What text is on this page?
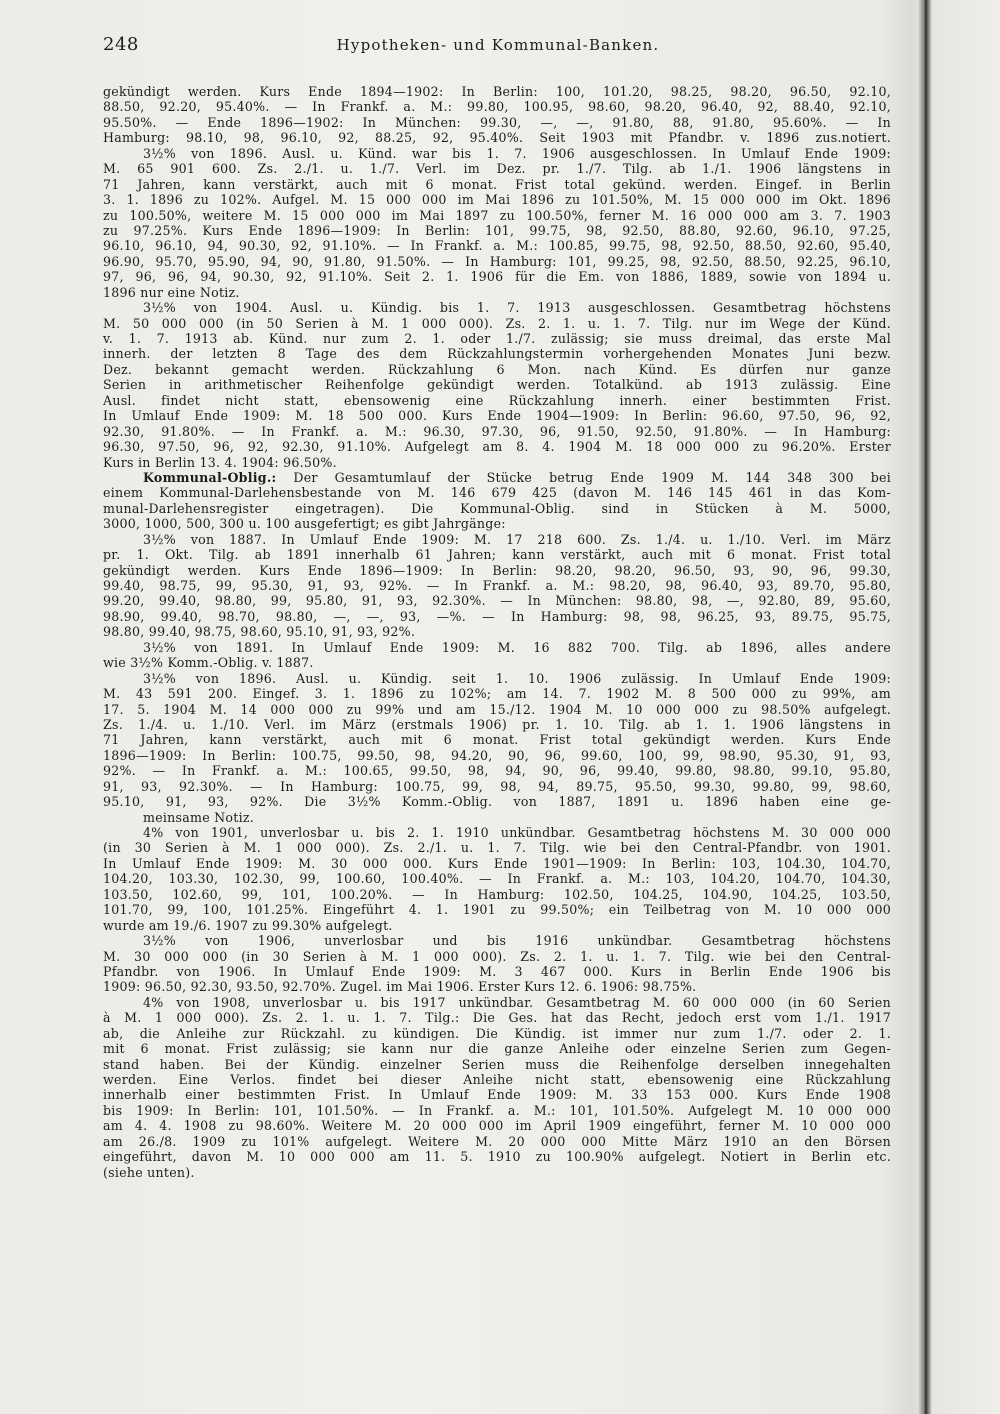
248	Hypotheken- und Kommunal-Banken.
gekündigt werden. Kurs Ende 1894—1902: In Berlin: 100, 101.20, 98.25, 98.20, 96.50, 92.10,
88.50, 92.20, 95.40%. — In Frankf. a. M.: 99.80, 100.95, 98.60, 98.20, 96.40, 92, 88.40, 92.10,
95.50%. — Ende 1896—1902: In München: 99.30, —, —, 91.80, 88, 91.80, 95.60%. — In
Hamburg: 98.10, 98, 96.10, 92, 88.25, 92, 95.40%. Seit 1903 mit Pfandbr. v. 1896 zus.notiert.
3½% von 1896. Ausl. u. Künd. war bis 1. 7. 1906 ausgeschlossen. In Umlauf Ende 1909:
M. 65 901 600. Zs. 2./1. u. 1./7. Verl. im Dez. pr. 1./7. Tilg. ab 1./1. 1906 längstens in
71 Jahren, kann verstärkt, auch mit 6 monat. Frist total gekünd. werden. Eingef. in Berlin
3. 1. 1896 zu 102%. Aufgel. M. 15 000 000 im Mai 1896 zu 101.50%, M. 15 000 000 im Okt. 1896
zu 100.50%, weitere M. 15 000 000 im Mai 1897 zu 100.50%, ferner M. 16 000 000 am 3. 7. 1903
zu 97.25%. Kurs Ende 1896—1909: In Berlin: 101, 99.75, 98, 92.50, 88.80, 92.60, 96.10, 97.25,
96.10, 96.10, 94, 90.30, 92, 91.10%. — In Frankf. a. M.: 100.85, 99.75, 98, 92.50, 88.50, 92.60, 95.40,
96.90, 95.70, 95.90, 94, 90, 91.80, 91.50%. — In Hamburg: 101, 99.25, 98, 92.50, 88.50, 92.25, 96.10,
97, 96, 96, 94, 90.30, 92, 91.10%. Seit 2. 1. 1906 für die Em. von 1886, 1889, sowie von 1894 u.
1896 nur eine Notiz.
3½% von 1904. Ausl. u. Kündig. bis 1. 7. 1913 ausgeschlossen. Gesamtbetrag höchstens
M. 50 000 000 (in 50 Serien à M. 1 000 000). Zs. 2. 1. u. 1. 7. Tilg. nur im Wege der Künd.
v. 1. 7. 1913 ab. Künd. nur zum 2. 1. oder 1./7. zulässig; sie muss dreimal, das erste Mal
innerh. der letzten 8 Tage des dem Rückzahlungstermin vorhergehenden Monates Juni bezw.
Dez. bekannt gemacht werden. Rückzahlung 6 Mon. nach Künd. Es dürfen nur ganze
Serien in arithmetischer Reihenfolge gekündigt werden. Totalkünd. ab 1913 zulässig. Eine
Ausl. findet nicht statt, ebensowenig eine Rückzahlung innerh. einer bestimmten Frist.
In Umlauf Ende 1909: M. 18 500 000. Kurs Ende 1904—1909: In Berlin: 96.60, 97.50, 96, 92,
92.30, 91.80%. — In Frankf. a. M.: 96.30, 97.30, 96, 91.50, 92.50, 91.80%. — In Hamburg:
96.30, 97.50, 96, 92, 92.30, 91.10%. Aufgelegt am 8. 4. 1904 M. 18 000 000 zu 96.20%. Erster
Kurs in Berlin 13. 4. 1904: 96.50%.
Kommunal-Oblig.: Der Gesamtumlauf der Stücke betrug Ende 1909 M. 144 348 300 bei
einem Kommunal-Darlehensbestande von M. 146 679 425 (davon M. 146 145 461 in das Kom-
munal-Darlehensregister eingetragen). Die Kommunal-Oblig. sind in Stücken à M. 5000,
3000, 1000, 500, 300 u. 100 ausgefertigt; es gibt Jahrgänge:
3½% von 1887. In Umlauf Ende 1909: M. 17 218 600. Zs. 1./4. u. 1./10. Verl. im März
pr. 1. Okt. Tilg. ab 1891 innerhalb 61 Jahren; kann verstärkt, auch mit 6 monat. Frist total
gekündigt werden. Kurs Ende 1896—1909: In Berlin: 98.20, 98.20, 96.50, 93, 90, 96, 99.30,
99.40, 98.75, 99, 95.30, 91, 93, 92%. — In Frankf. a. M.: 98.20, 98, 96.40, 93, 89.70, 95.80,
99.20, 99.40, 98.80, 99, 95.80, 91, 93, 92.30%. — In München: 98.80, 98, —, 92.80, 89, 95.60,
98.90, 99.40, 98.70, 98.80, —, —, 93, —%. — In Hamburg: 98, 98, 96.25, 93, 89.75, 95.75,
98.80, 99.40, 98.75, 98.60, 95.10, 91, 93, 92%.
3½% von 1891. In Umlauf Ende 1909: M. 16 882 700. Tilg. ab 1896, alles andere
wie 3½% Komm.-Oblig. v. 1887.
3½% von 1896. Ausl. u. Kündig. seit 1. 10. 1906 zulässig. In Umlauf Ende 1909:
M. 43 591 200. Eingef. 3. 1. 1896 zu 102%; am 14. 7. 1902 M. 8 500 000 zu 99%, am
17. 5. 1904 M. 14 000 000 zu 99% und am 15./12. 1904 M. 10 000 000 zu 98.50% aufgelegt.
Zs. 1./4. u. 1./10. Verl. im März (erstmals 1906) pr. 1. 10. Tilg. ab 1. 1. 1906 längstens in
71 Jahren, kann verstärkt, auch mit 6 monat. Frist total gekündigt werden. Kurs Ende
1896—1909: In Berlin: 100.75, 99.50, 98, 94.20, 90, 96, 99.60, 100, 99, 98.90, 95.30, 91, 93,
92%. — In Frankf. a. M.: 100.65, 99.50, 98, 94, 90, 96, 99.40, 99.80, 98.80, 99.10, 95.80,
91, 93, 92.30%. — In Hamburg: 100.75, 99, 98, 94, 89.75, 95.50, 99.30, 99.80, 99, 98.60,
95.10, 91, 93, 92%. Die 3½% Komm.-Oblig. von 1887, 1891 u. 1896 haben eine ge-
meinsame Notiz.
4% von 1901, unverlosbar u. bis 2. 1. 1910 unkündbar. Gesamtbetrag höchstens M. 30 000 000
(in 30 Serien à M. 1 000 000). Zs. 2./1. u. 1. 7. Tilg. wie bei den Central-Pfandbr. von 1901.
In Umlauf Ende 1909: M. 30 000 000. Kurs Ende 1901—1909: In Berlin: 103, 104.30, 104.70,
104.20, 103.30, 102.30, 99, 100.60, 100.40%. — In Frankf. a. M.: 103, 104.20, 104.70, 104.30,
103.50, 102.60, 99, 101, 100.20%. — In Hamburg: 102.50, 104.25, 104.90, 104.25, 103.50,
101.70, 99, 100, 101.25%. Eingeführt 4. 1. 1901 zu 99.50%; ein Teilbetrag von M. 10 000 000
wurde am 19./6. 1907 zu 99.30% aufgelegt.
3½% von 1906, unverlosbar und bis 1916 unkündbar. Gesamtbetrag höchstens
M. 30 000 000 (in 30 Serien à M. 1 000 000). Zs. 2. 1. u. 1. 7. Tilg. wie bei den Central-
Pfandbr. von 1906. In Umlauf Ende 1909: M. 3 467 000. Kurs in Berlin Ende 1906 bis
1909: 96.50, 92.30, 93.50, 92.70%. Zugel. im Mai 1906. Erster Kurs 12. 6. 1906: 98.75%.
4% von 1908, unverlosbar u. bis 1917 unkündbar. Gesamtbetrag M. 60 000 000 (in 60 Serien
à M. 1 000 000). Zs. 2. 1. u. 1. 7. Tilg.: Die Ges. hat das Recht, jedoch erst vom 1./1. 1917
ab, die Anleihe zur Rückzahl. zu kündigen. Die Kündig. ist immer nur zum 1./7. oder 2. 1.
mit 6 monat. Frist zulässig; sie kann nur die ganze Anleihe oder einzelne Serien zum Gegen-
stand haben. Bei der Kündig. einzelner Serien muss die Reihenfolge derselben innegehalten
werden. Eine Verlos. findet bei dieser Anleihe nicht statt, ebensowenig eine Rückzahlung
innerhalb einer bestimmten Frist. In Umlauf Ende 1909: M. 33 153 000. Kurs Ende 1908
bis 1909: In Berlin: 101, 101.50%. — In Frankf. a. M.: 101, 101.50%. Aufgelegt M. 10 000 000
am 4. 4. 1908 zu 98.60%. Weitere M. 20 000 000 im April 1909 eingeführt, ferner M. 10 000 000
am 26./8. 1909 zu 101% aufgelegt. Weitere M. 20 000 000 Mitte März 1910 an den Börsen
eingeführt, davon M. 10 000 000 am 11. 5. 1910 zu 100.90% aufgelegt. Notiert in Berlin etc.
(siehe unten).
